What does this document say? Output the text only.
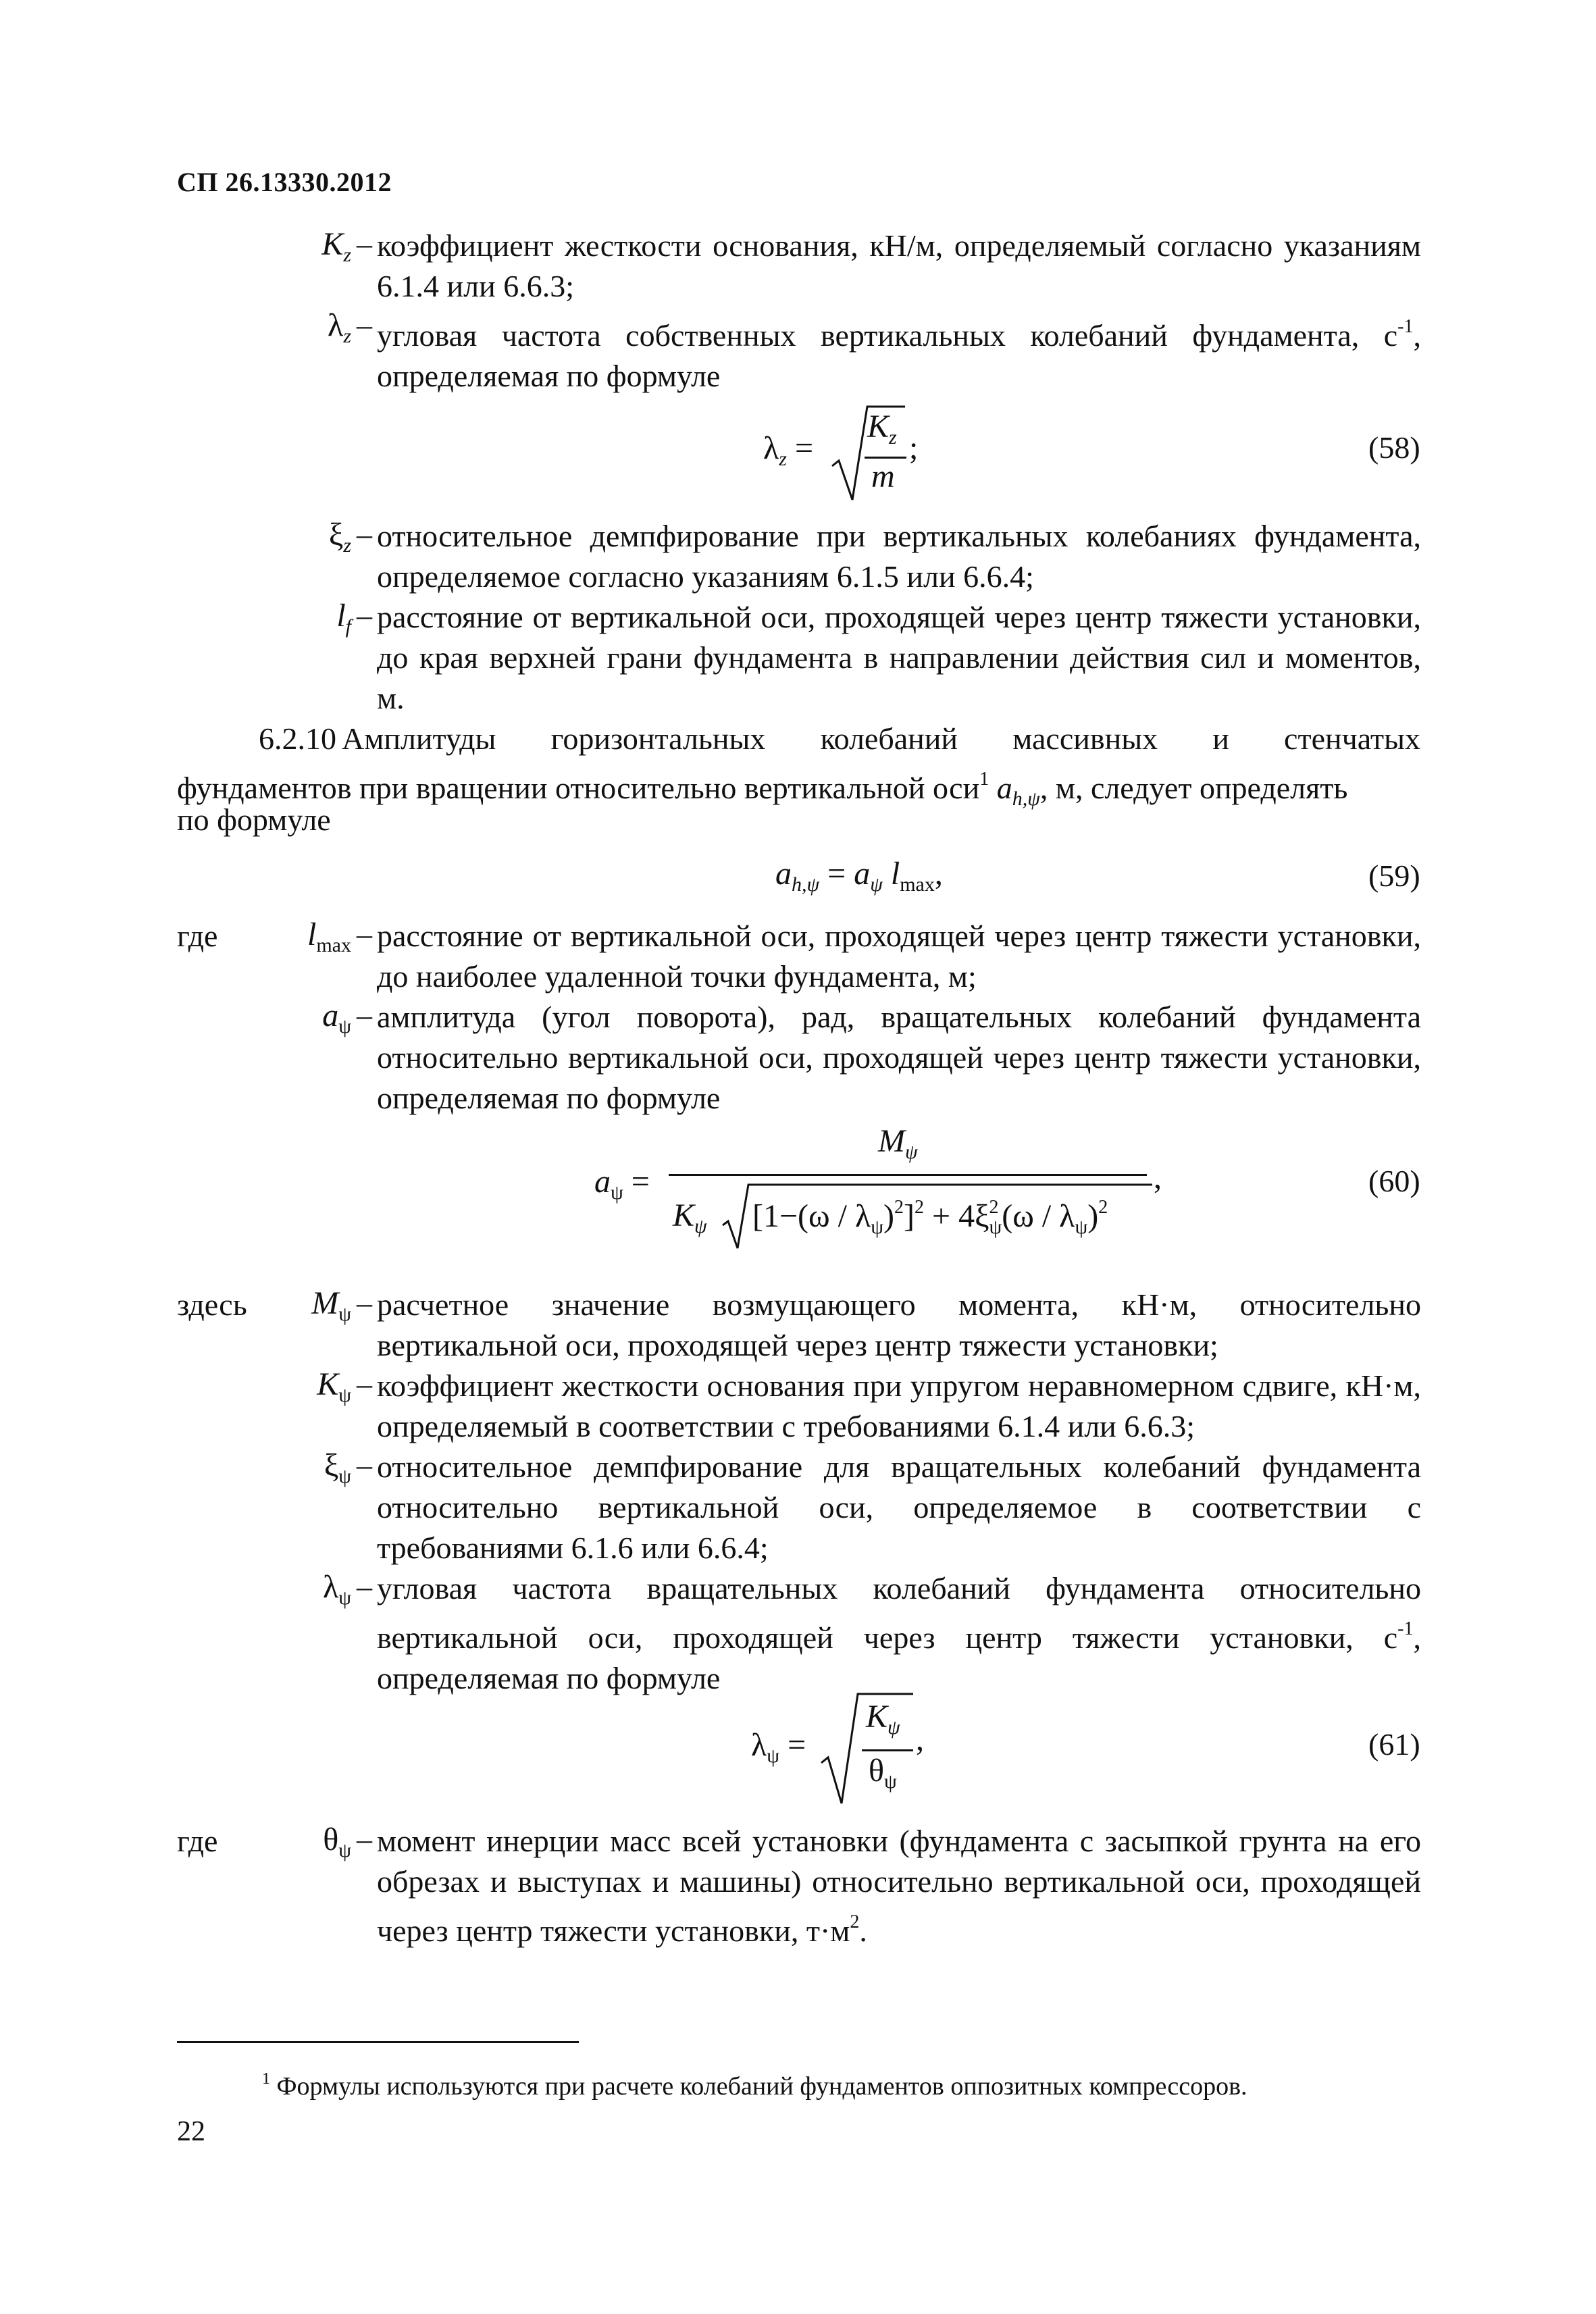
СП 26.13330.2012
$K_z$ – коэффициент жесткости основания, кН/м, определяемый согласно указаниям 6.1.4 или 6.6.3;
$\lambda_z$ – угловая частота собственных вертикальных колебаний фундамента, $с^{-1}$, определяемая по формуле
$\lambda_z$ =
$K_z$
m
;	(58)
$\xi_z$ – относительное демпфирование при вертикальных колебаниях фундамента, определяемое согласно указаниям 6.1.5 или 6.6.4;
$l_f$ – расстояние от вертикальной оси, проходящей через центр тяжести установки, до края верхней грани фундамента в направлении действия сил и моментов, м.
6.2.10 Амплитуды горизонтальных колебаний массивных и стенчатых
фундаментов при вращении относительно вертикальной оси$^1$ $a_{h,\psi}$, м, следует определять
по формуле
$a_{h,\psi} = a_\psi$ $l_{max}$,	(59)
где	$l_{max}$ – расстояние от вертикальной оси, проходящей через центр тяжести установки, до наиболее удаленной точки фундамента, м;
$a_\psi$ – амплитуда (угол поворота), рад, вращательных колебаний фундамента относительно вертикальной оси, проходящей через центр тяжести установки, определяемая по формуле
$a_\psi$ =
$M_\psi$
$K_\psi$ $[1-(\omega / \lambda_\psi)^2]^2 + 4\xi^2_\psi(\omega / \lambda_\psi)^2$
,	(60)
здесь	$M_\psi$ – расчетное значение возмущающего момента, кН·м, относительно вертикальной оси, проходящей через центр тяжести установки;
$K_\psi$ – коэффициент жесткости основания при упругом неравномерном сдвиге, кН·м, определяемый в соответствии с требованиями 6.1.4 или 6.6.3;
$\xi_\psi$ – относительное демпфирование для вращательных колебаний фундамента относительно вертикальной оси, определяемое в соответствии с требованиями 6.1.6 или 6.6.4;
$\lambda_\psi$ – угловая частота вращательных колебаний фундамента относительно вертикальной оси, проходящей через центр тяжести установки, $с^{-1}$, определяемая по формуле
$\lambda_\psi$ =
$K_\psi$
$\theta_\psi$
,	(61)
где	$\theta_\psi$ – момент инерции масс всей установки (фундамента с засыпкой грунта на его обрезах и выступах и машины) относительно вертикальной оси, проходящей через центр тяжести установки, $т\cdot м^2$.
$^1$ Формулы используются при расчете колебаний фундаментов оппозитных компрессоров.
22
